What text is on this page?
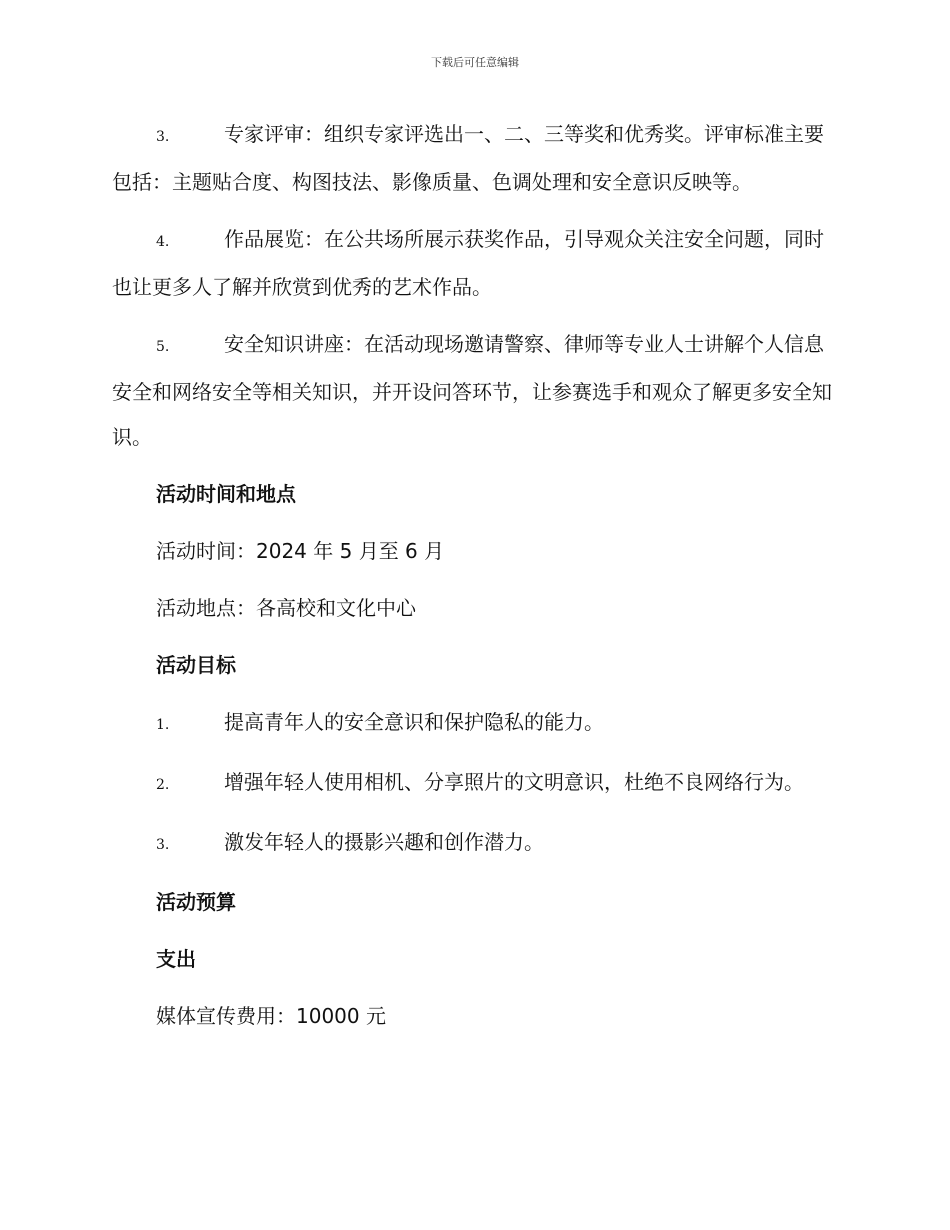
下载后可任意编辑

3.	专家评审：组织专家评选出一、二、三等奖和优秀奖。评审标准主要包括：主题贴合度、构图技法、影像质量、色调处理和安全意识反映等。

4.	作品展览：在公共场所展示获奖作品，引导观众关注安全问题，同时也让更多人了解并欣赏到优秀的艺术作品。

5.	安全知识讲座：在活动现场邀请警察、律师等专业人士讲解个人信息安全和网络安全等相关知识，并开设问答环节，让参赛选手和观众了解更多安全知识。

活动时间和地点
活动时间：2024 年 5 月至 6 月
活动地点：各高校和文化中心
活动目标

1.	提高青年人的安全意识和保护隐私的能力。

2.	增强年轻人使用相机、分享照片的文明意识，杜绝不良网络行为。

3.	激发年轻人的摄影兴趣和创作潜力。

活动预算
支出
媒体宣传费用：10000 元
